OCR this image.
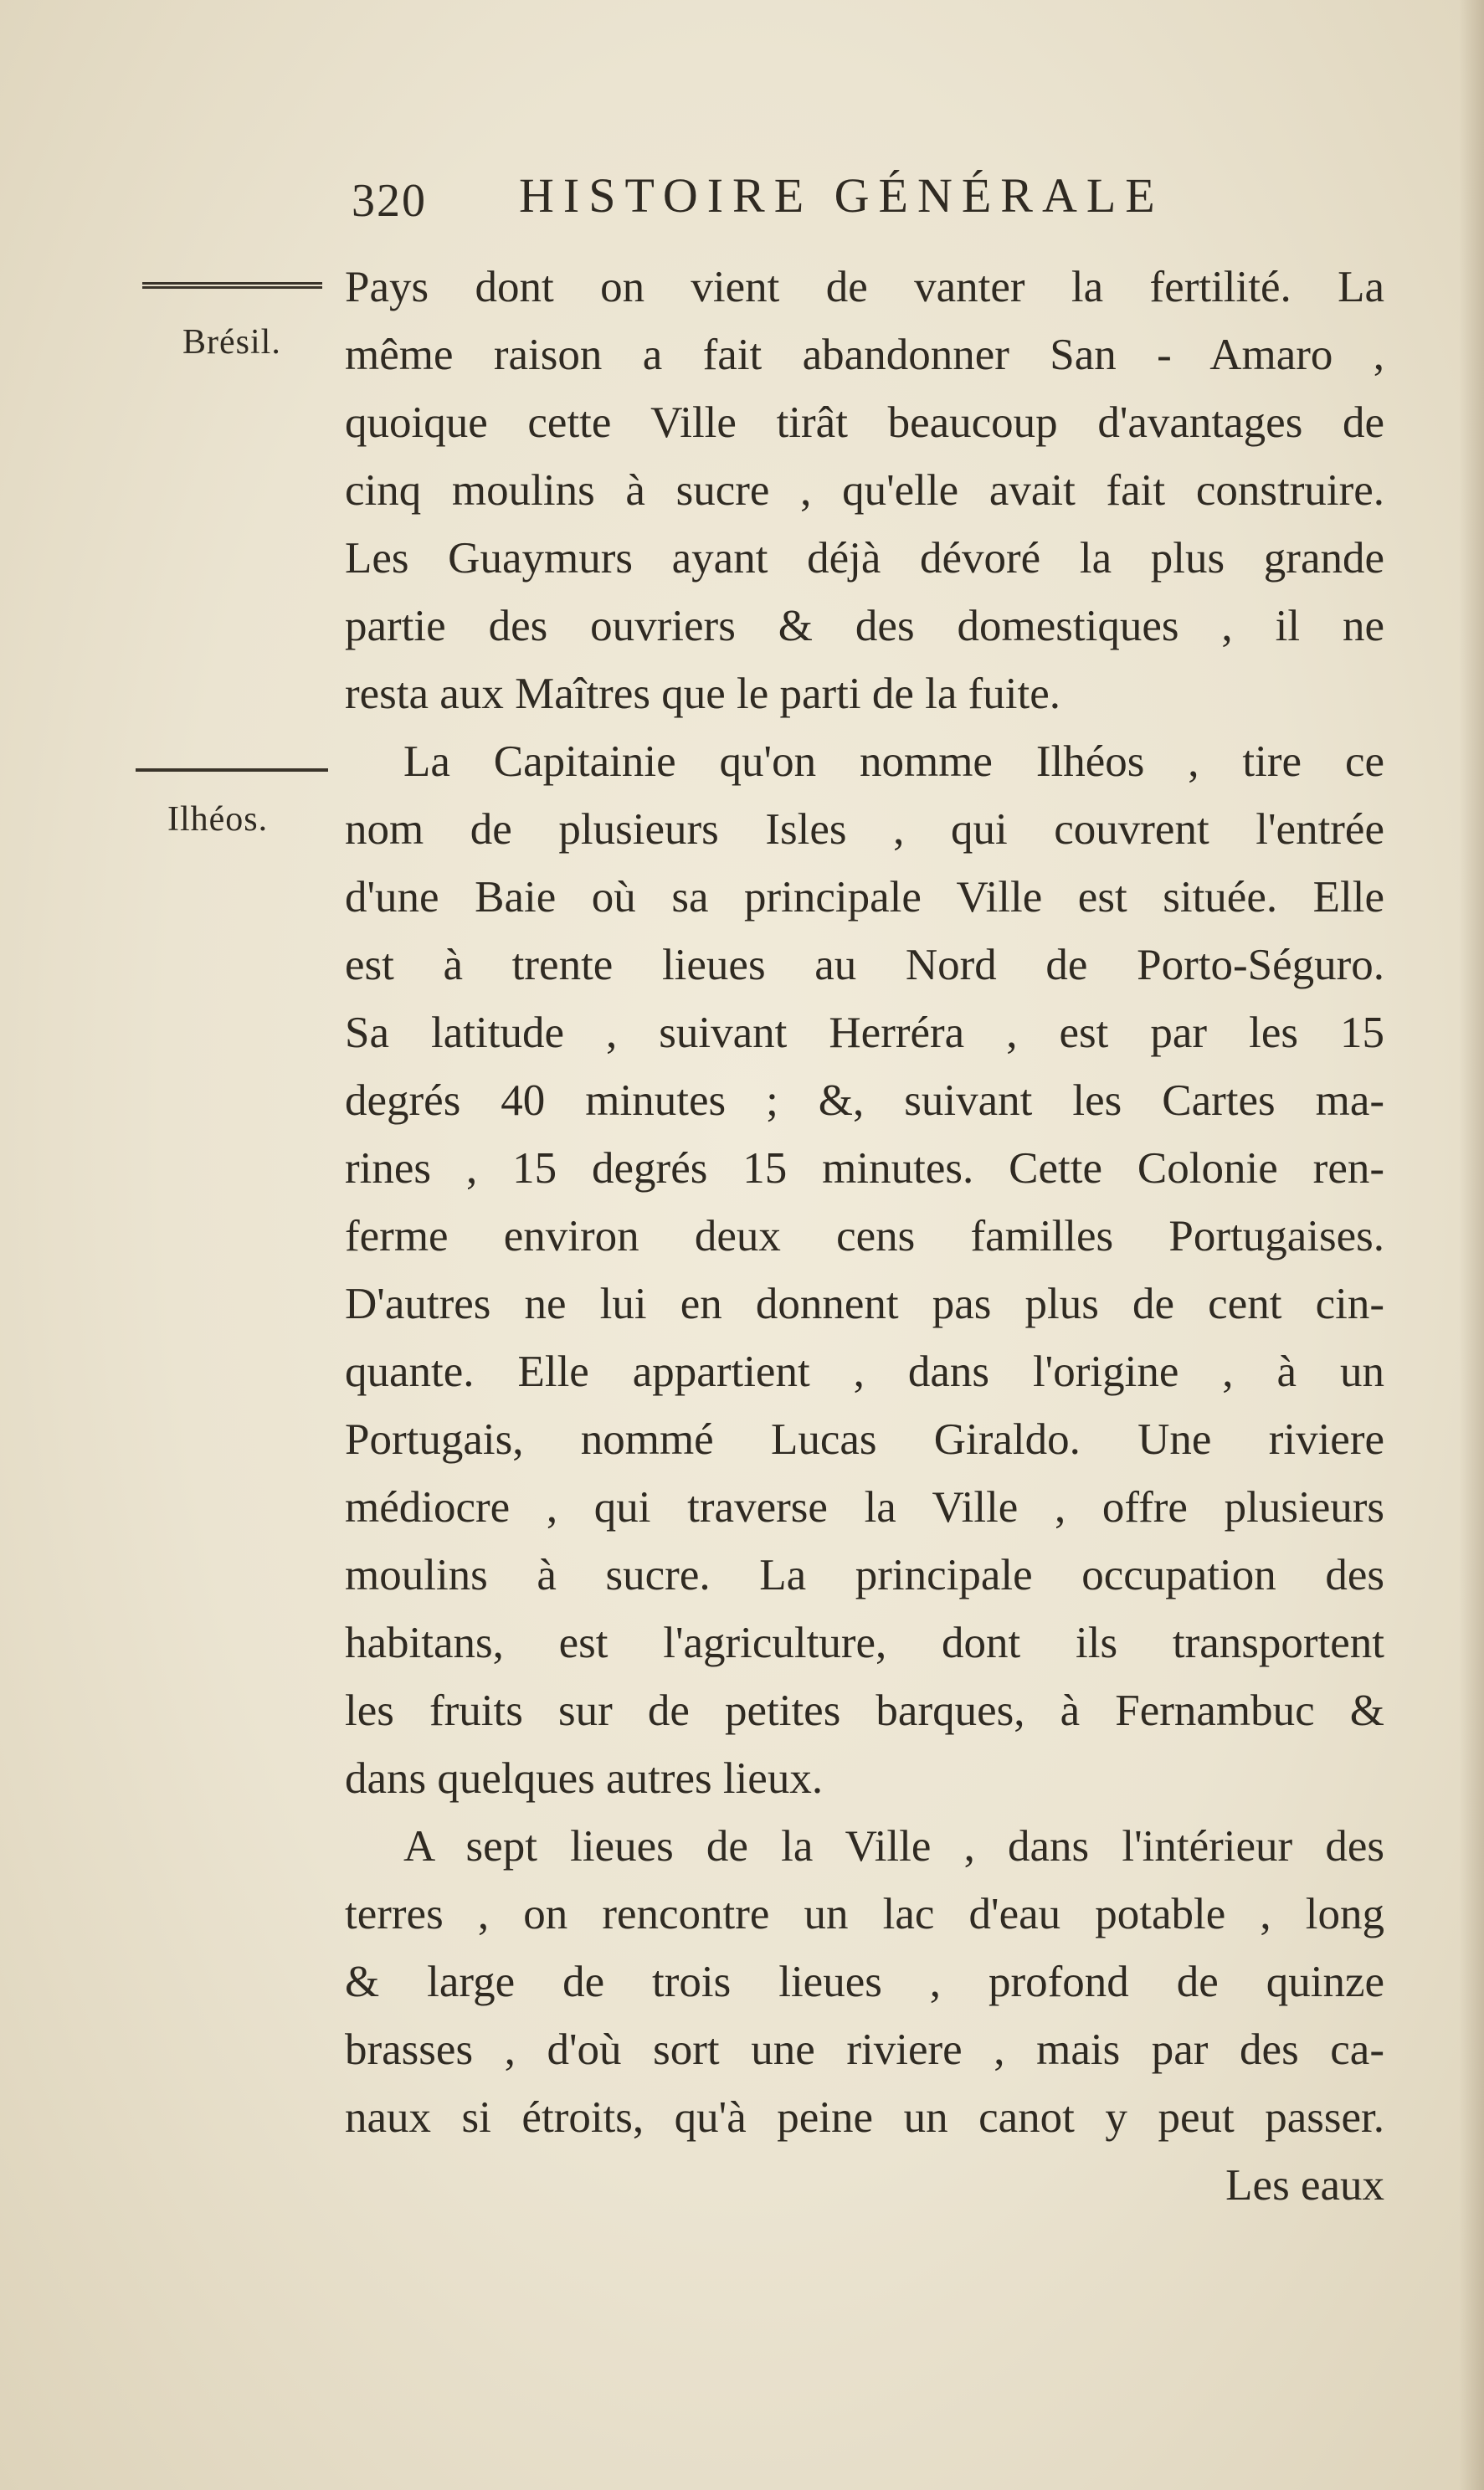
320 HISTOIRE GÉNÉRALE
Brésil.
Ilhéos.
Pays dont on vient de vanter la fertilité. La
même raison a fait abandonner San - Amaro ,
quoique cette Ville tirât beaucoup d'avantages de
cinq moulins à sucre , qu'elle avait fait construire.
Les Guaymurs ayant déjà dévoré la plus grande
partie des ouvriers & des domestiques , il ne
resta aux Maîtres que le parti de la fuite.
La Capitainie qu'on nomme Ilhéos , tire ce
nom de plusieurs Isles , qui couvrent l'entrée
d'une Baie où sa principale Ville est située. Elle
est à trente lieues au Nord de Porto-Séguro.
Sa latitude , suivant Herréra , est par les 15
degrés 40 minutes ; &, suivant les Cartes ma-
rines , 15 degrés 15 minutes. Cette Colonie ren-
ferme environ deux cens familles Portugaises.
D'autres ne lui en donnent pas plus de cent cin-
quante. Elle appartient , dans l'origine , à un
Portugais, nommé Lucas Giraldo. Une riviere
médiocre , qui traverse la Ville , offre plusieurs
moulins à sucre. La principale occupation des
habitans, est l'agriculture, dont ils transportent
les fruits sur de petites barques, à Fernambuc &
dans quelques autres lieux.
A sept lieues de la Ville , dans l'intérieur des
terres , on rencontre un lac d'eau potable , long
& large de trois lieues , profond de quinze
brasses , d'où sort une riviere , mais par des ca-
naux si étroits, qu'à peine un canot y peut passer.
Les eaux
